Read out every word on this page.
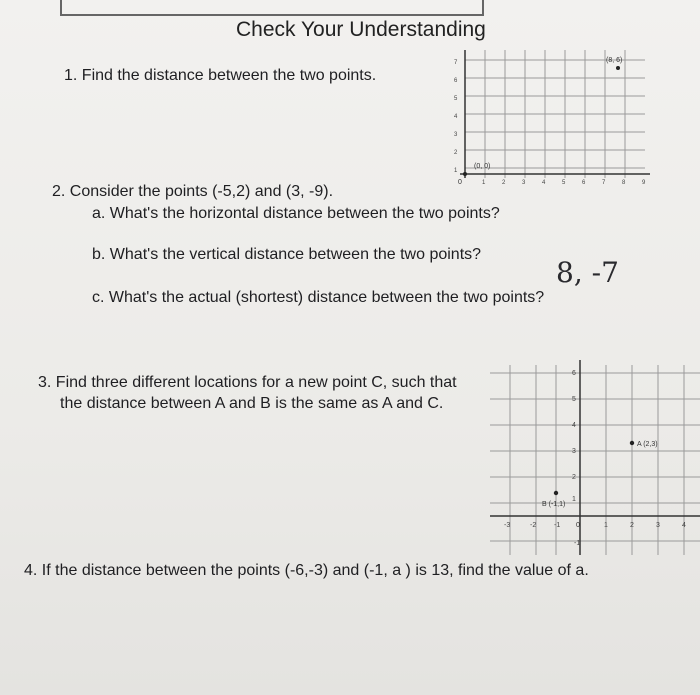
Check Your Understanding
1. Find the distance between the two points.
7
6
5
4
3
2
1
0	1	2	3	4	5	6	7	8	9
(0, 0)
(8, 6)
2. Consider the points (-5,2) and (3, -9).
a. What's the horizontal distance between the two points?
b. What's the vertical distance between the two points?
8, -7
c. What's the actual (shortest) distance between the two points?
3. Find three different locations for a new point C, such that
the distance between A and B is the same as A and C.
6
5
4
3
2
1
0
-1
-3	-2	-1	1	2	3	4
A (2,3)
B (-1,1)
4. If the distance between the points (-6,-3) and (-1, a ) is 13, find the value of a.
